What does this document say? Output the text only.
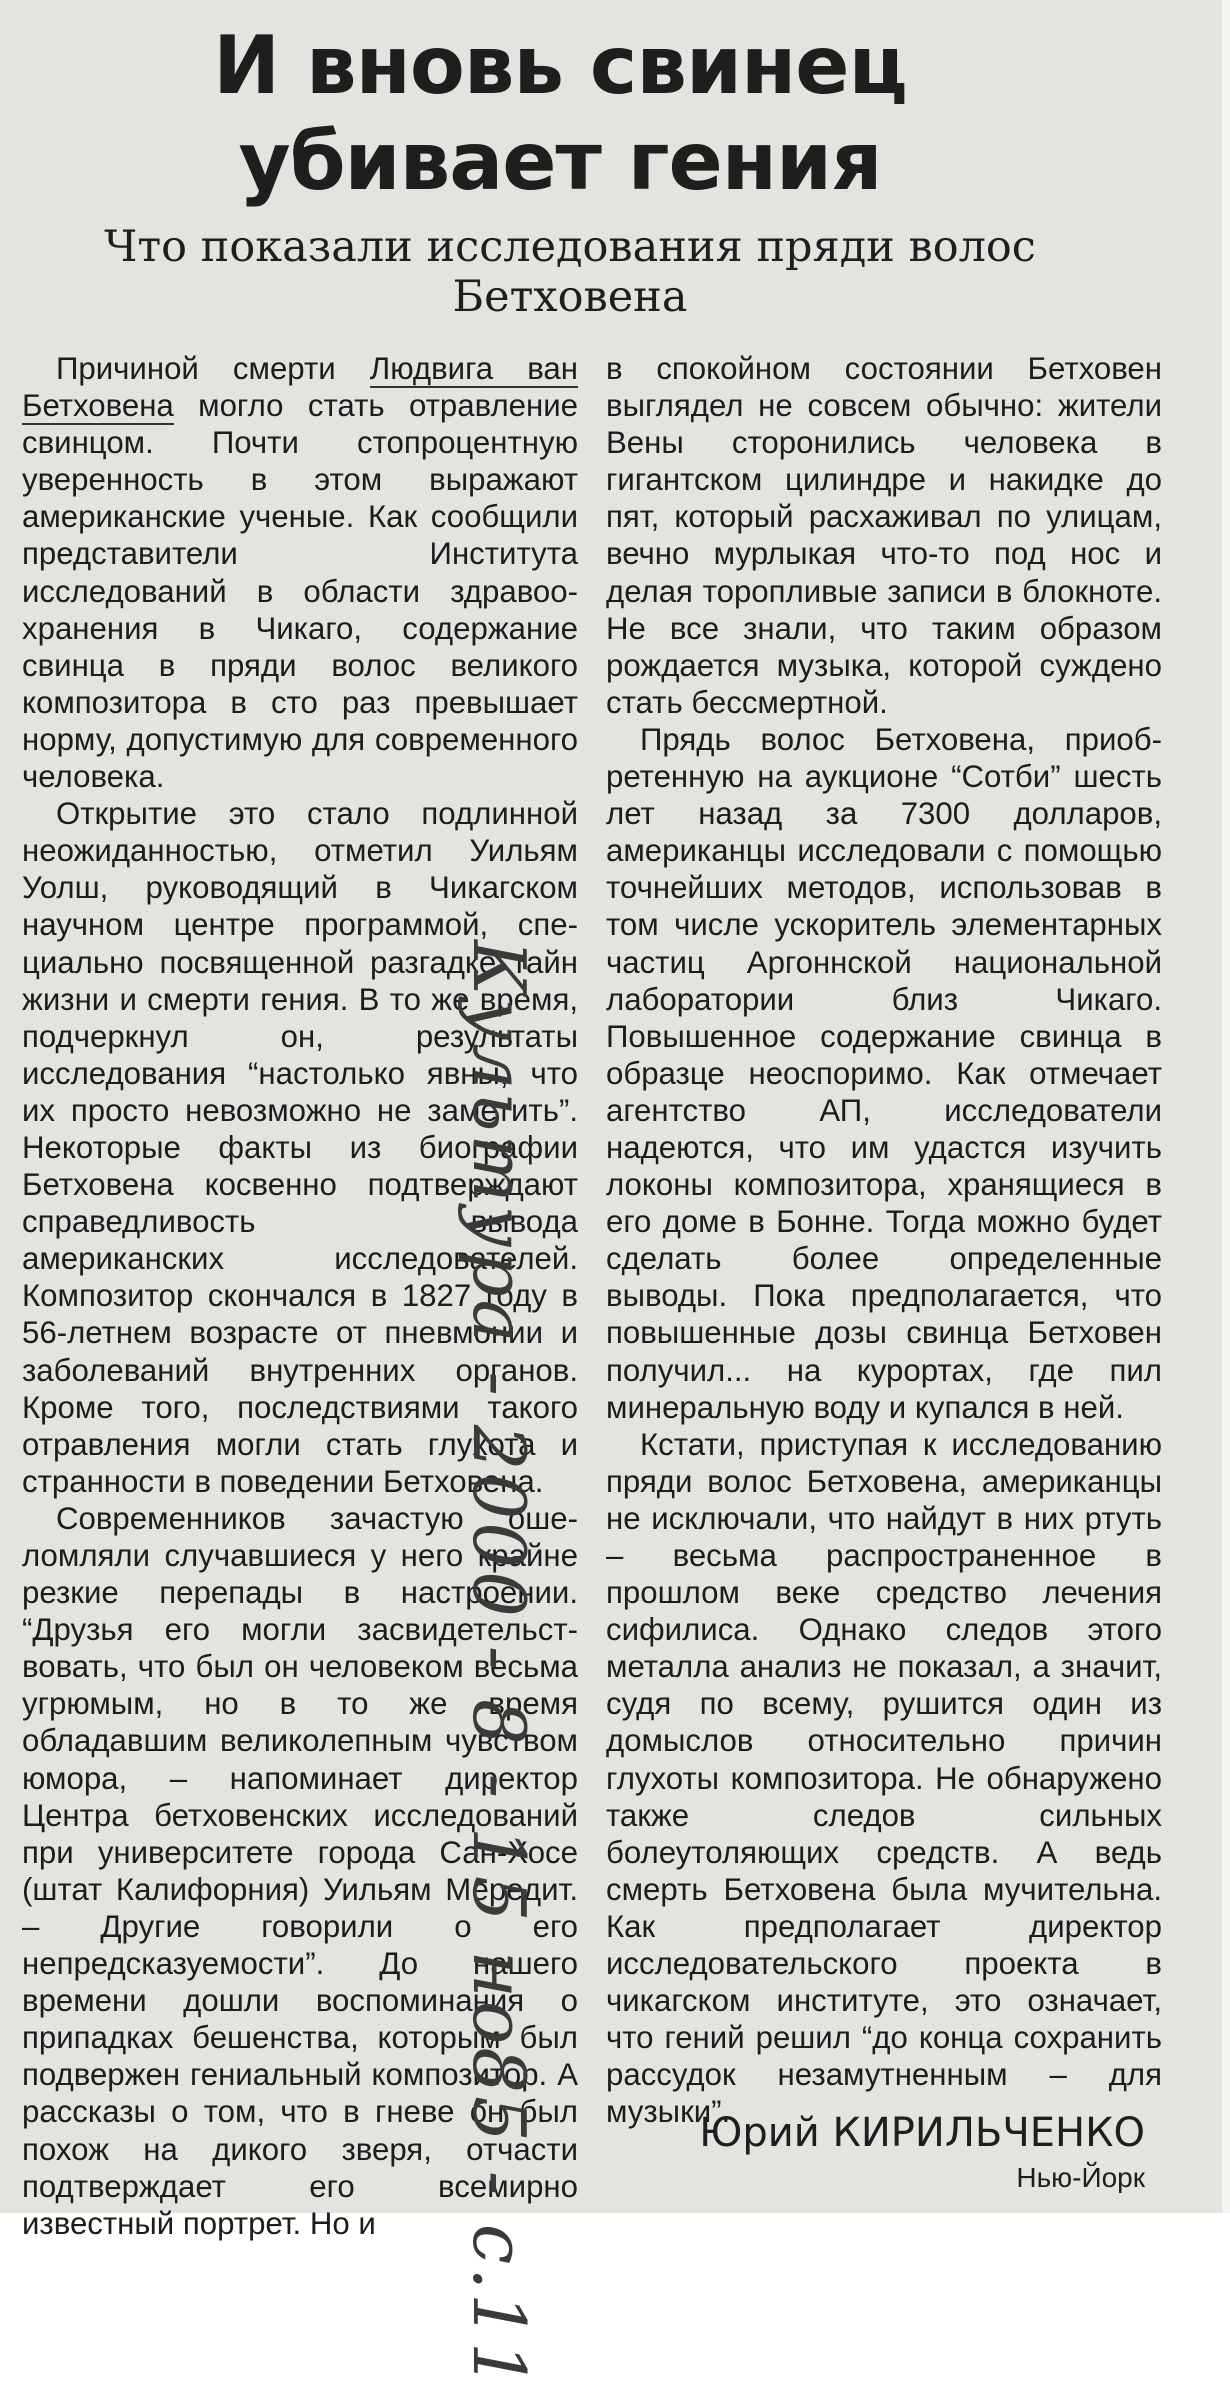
И вновь свинец
убивает гения
Что показали исследования пряди волос
Бетховена

Причиной смерти Людвига ван Бетховена могло стать отравление свинцом. Почти стопроцентную уверенность в этом выражают американские ученые. Как сообщили представители Института исследований в области здравоохранения в Чикаго, содержание свинца в пряди волос великого композитора в сто раз превышает норму, допустимую для современного человека.

Открытие это стало подлинной неожиданностью, отметил Уильям Уолш, руководящий в Чикагском научном центре программой, специально посвященной разгадке тайн жизни и смерти гения. В то же время, подчеркнул он, результаты исследования “настолько явны, что их просто невозможно не заметить”. Некоторые факты из биографии Бетховена косвенно подтверждают справедливость вывода американских исследователей. Композитор скончался в 1827 году в 56-летнем возрасте от пневмонии и заболеваний внутренних органов. Кроме того, последствиями такого отравления могли стать глухота и странности в поведении Бетховена.

Современников зачастую ошеломляли случавшиеся у него крайне резкие перепады в настроении. “Друзья его могли засвидетельствовать, что был он человеком весьма угрюмым, но в то же время обладавшим великолепным чувством юмора, – напоминает директор Центра бетховенских исследований при университете города Сан-Хосе (штат Калифорния) Уильям Мередит. – Другие говорили о его непредсказуемости”. До нашего времени дошли воспоминания о припадках бешенства, которым был подвержен гениальный композитор. А рассказы о том, что в гневе он был похож на дикого зверя, отчасти подтверждает его всемирно известный портрет. Но и

в спокойном состоянии Бетховен выглядел не совсем обычно: жители Вены сторонились человека в гигантском цилиндре и накидке до пят, который расхаживал по улицам, вечно мурлыкая что-то под нос и делая торопливые записи в блокноте. Не все знали, что таким образом рождается музыка, которой суждено стать бессмертной.

Прядь волос Бетховена, приобретенную на аукционе “Сотби” шесть лет назад за 7300 долларов, американцы исследовали с помощью точнейших методов, использовав в том числе ускоритель элементарных частиц Аргоннской национальной лаборатории близ Чикаго. Повышенное содержание свинца в образце неоспоримо. Как отмечает агентство АП, исследователи надеются, что им удастся изучить локоны композитора, хранящиеся в его доме в Бонне. Тогда можно будет сделать более определенные выводы. Пока предполагается, что повышенные дозы свинца Бетховен получил... на курортах, где пил минеральную воду и купался в ней.

Кстати, приступая к исследованию пряди волос Бетховена, американцы не исключали, что найдут в них ртуть – весьма распространенное в прошлом веке средство лечения сифилиса. Однако следов этого металла анализ не показал, а значит, судя по всему, рушится один из домыслов относительно причин глухоты композитора. Не обнаружено также следов сильных болеутоляющих средств. А ведь смерть Бетховена была мучительна. Как предполагает директор исследовательского проекта в чикагском институте, это означает, что гений решил “до конца сохранить рассудок незамутненным – для музыки”.

Юрий КИРИЛЬЧЕНКО
Нью-Йорк
Культура - 2000 - 8 - 15 но85 - с.11
